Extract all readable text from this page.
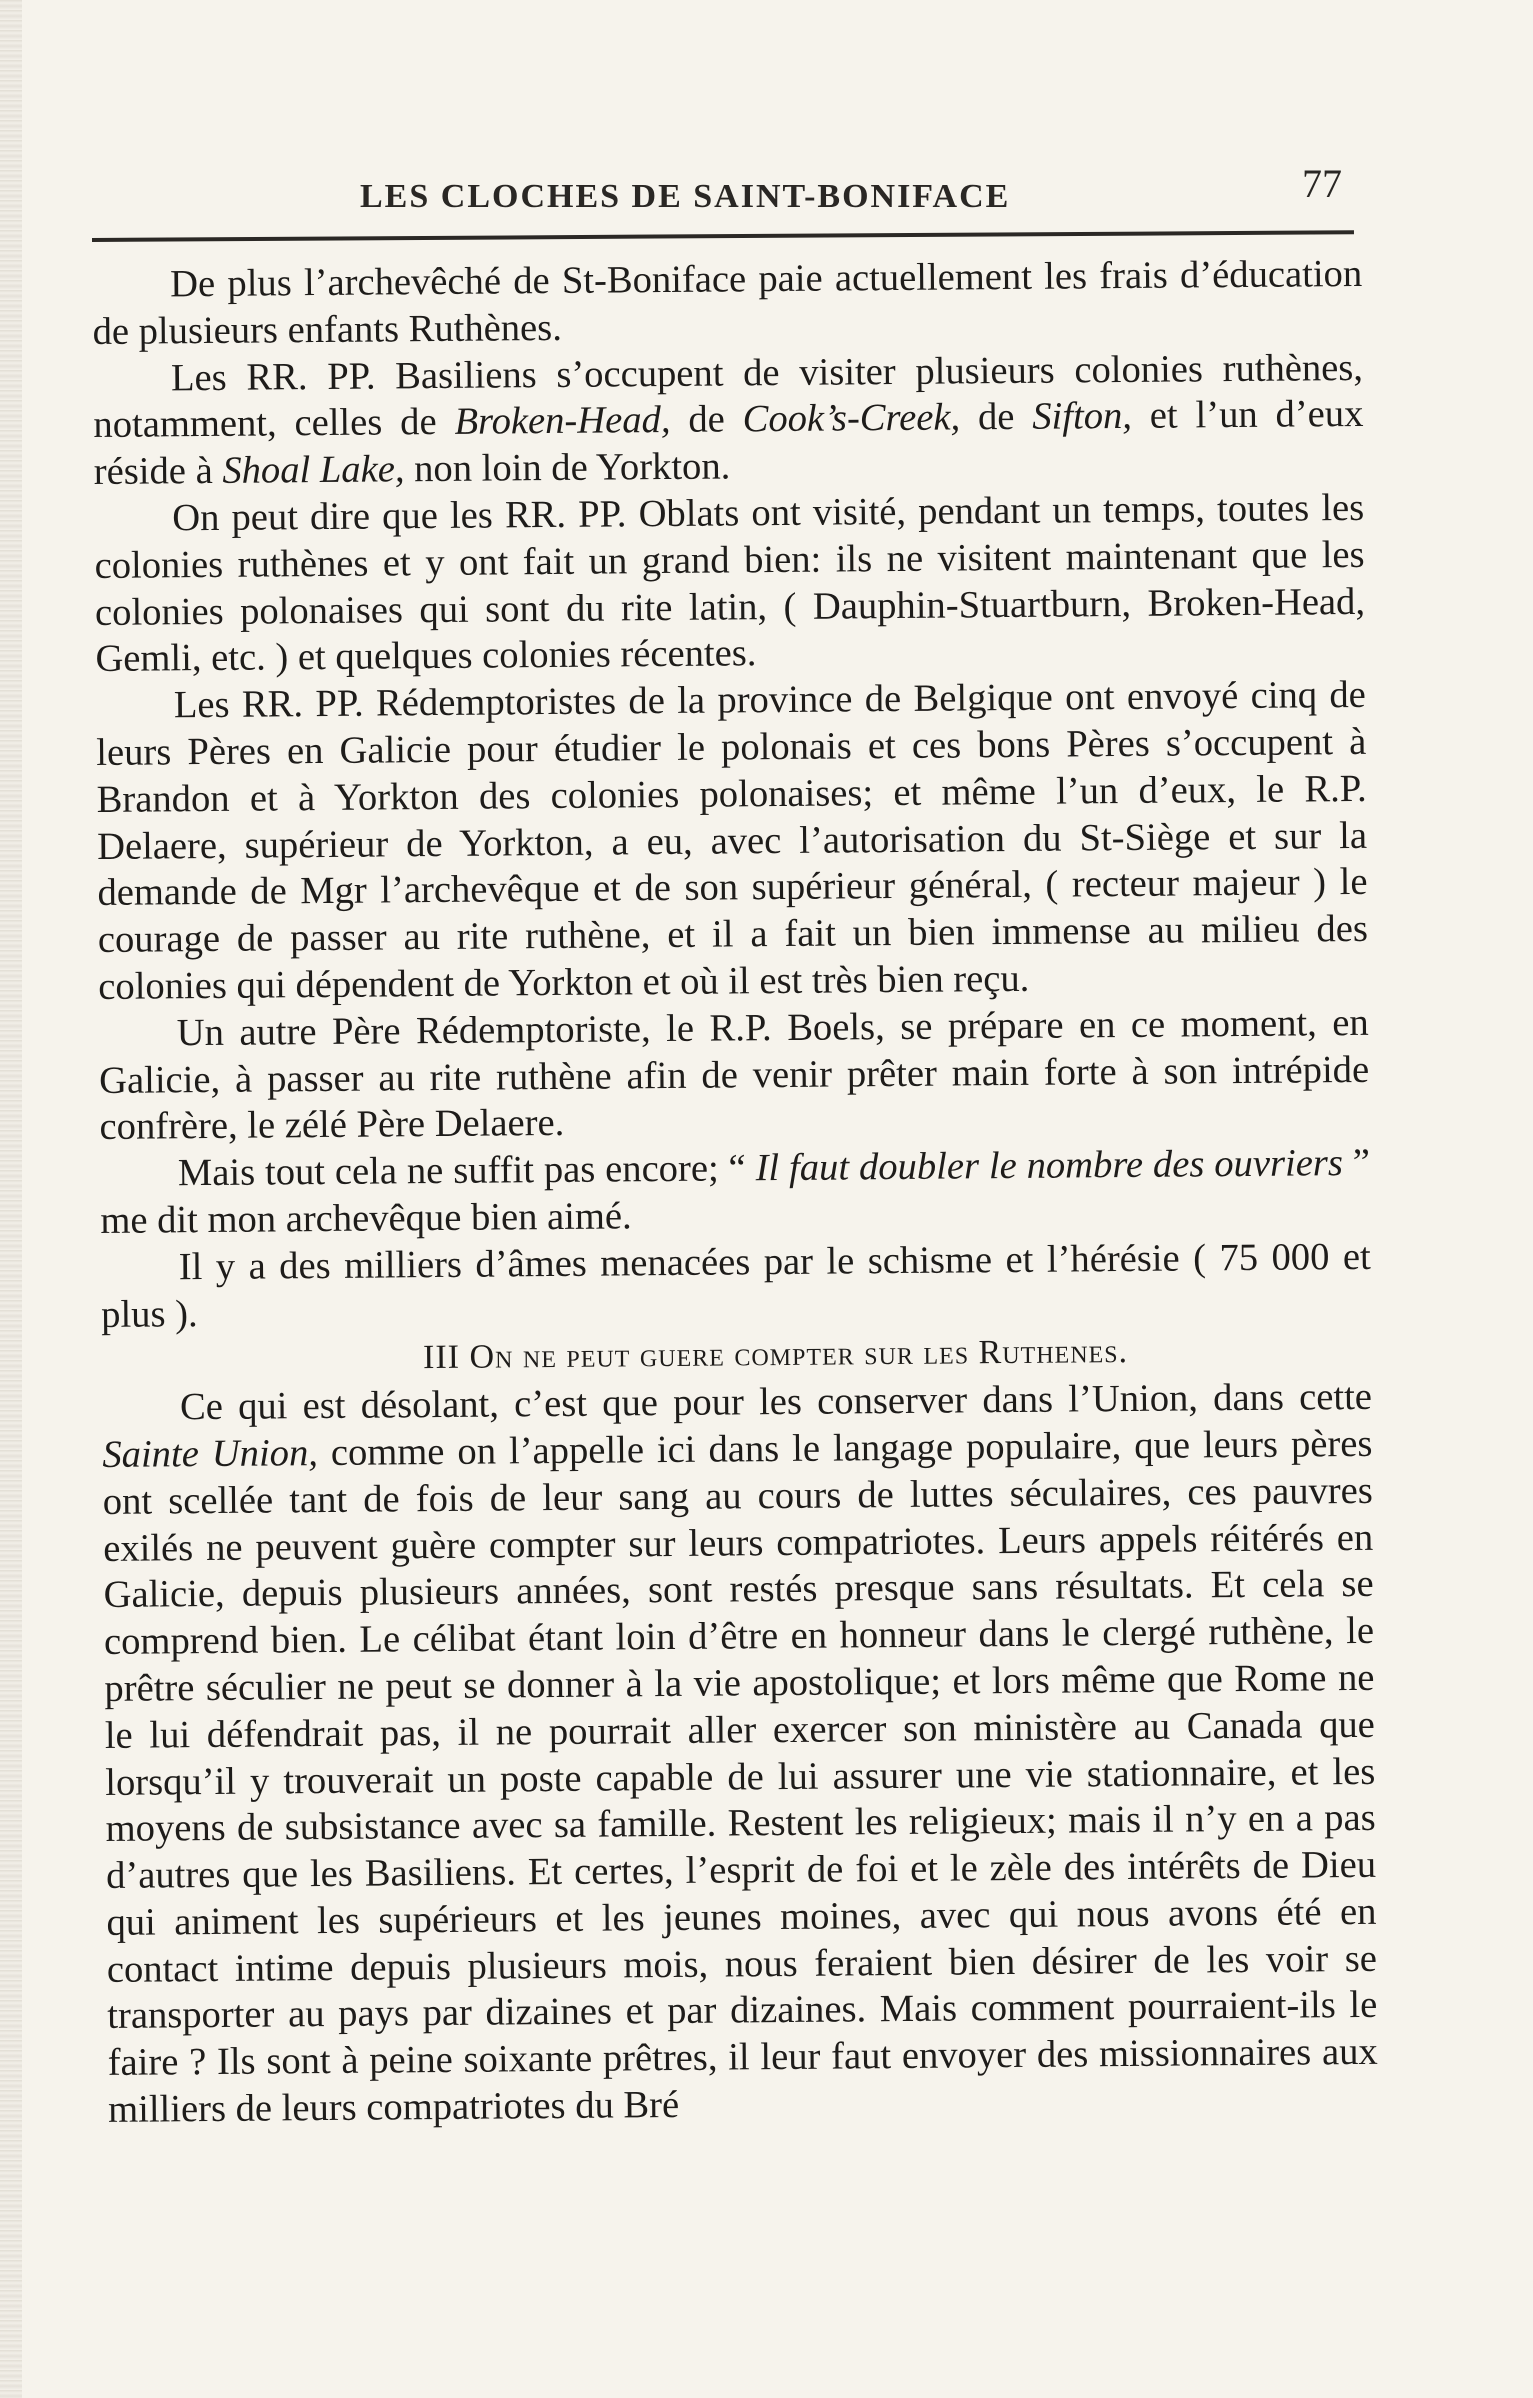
LES CLOCHES DE SAINT-BONIFACE	77

De plus l’archevêché de St-Boniface paie actuellement les frais d’éducation de plusieurs enfants Ruthènes.

Les RR. PP. Basiliens s’occupent de visiter plusieurs colonies ruthènes, notamment, celles de Broken-Head, de Cook’s-Creek, de Sifton, et l’un d’eux réside à Shoal Lake, non loin de Yorkton.

On peut dire que les RR. PP. Oblats ont visité, pendant un temps, toutes les colonies ruthènes et y ont fait un grand bien: ils ne visitent maintenant que les colonies polonaises qui sont du rite latin, ( Dauphin-Stuartburn, Broken-Head, Gemli, etc. ) et quelques colonies récentes.

Les RR. PP. Rédemptoristes de la province de Belgique ont envoyé cinq de leurs Pères en Galicie pour étudier le polonais et ces bons Pères s’occupent à Brandon et à Yorkton des colonies polonaises; et même l’un d’eux, le R.P. Delaere, supérieur de Yorkton, a eu, avec l’autorisation du St-Siège et sur la demande de Mgr l’archevêque et de son supérieur général, ( recteur majeur ) le courage de passer au rite ruthène, et il a fait un bien immense au milieu des colonies qui dépendent de Yorkton et où il est très bien reçu.

Un autre Père Rédemptoriste, le R.P. Boels, se prépare en ce moment, en Galicie, à passer au rite ruthène afin de venir prêter main forte à son intrépide confrère, le zélé Père Delaere.

Mais tout cela ne suffit pas encore; “ Il faut doubler le nombre des ouvriers ” me dit mon archevêque bien aimé.

Il y a des milliers d’âmes menacées par le schisme et l’hérésie ( 75 000 et plus ).

III On ne peut guere compter sur les Ruthenes.

Ce qui est désolant, c’est que pour les conserver dans l’Union, dans cette Sainte Union, comme on l’appelle ici dans le langage populaire, que leurs pères ont scellée tant de fois de leur sang au cours de luttes séculaires, ces pauvres exilés ne peuvent guère compter sur leurs compatriotes. Leurs appels réitérés en Galicie, depuis plusieurs années, sont restés presque sans résultats. Et cela se comprend bien. Le célibat étant loin d’être en honneur dans le clergé ruthène, le prêtre séculier ne peut se donner à la vie apostolique; et lors même que Rome ne le lui défendrait pas, il ne pourrait aller exercer son ministère au Canada que lorsqu’il y trouverait un poste capable de lui assurer une vie stationnaire, et les moyens de subsistance avec sa famille. Restent les religieux; mais il n’y en a pas d’autres que les Basiliens. Et certes, l’esprit de foi et le zèle des intérêts de Dieu qui animent les supérieurs et les jeunes moines, avec qui nous avons été en contact intime depuis plusieurs mois, nous feraient bien désirer de les voir se transporter au pays par dizaines et par dizaines. Mais comment pourraient-ils le faire ? Ils sont à peine soixante prêtres, il leur faut envoyer des missionnaires aux milliers de leurs compatriotes du Bré
